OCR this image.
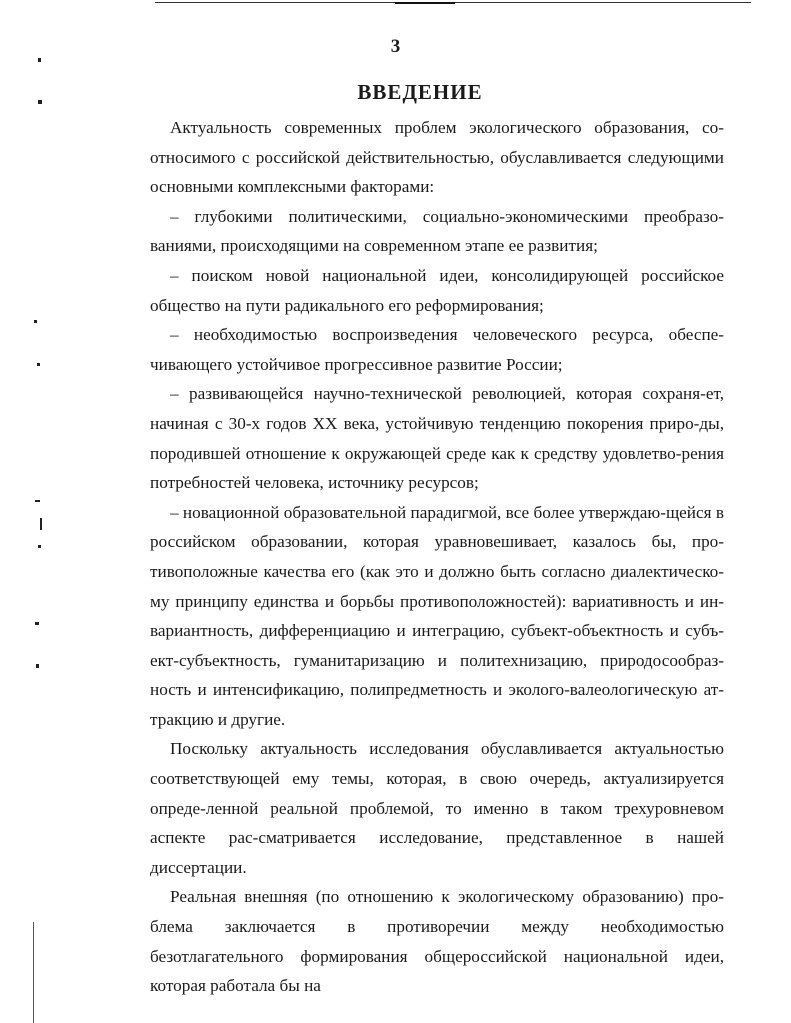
3
ВВЕДЕНИЕ

Актуальность современных проблем экологического образования, со-относимого с российской действительностью, обуславливается следующими основными комплексными факторами:

– глубокими политическими, социально-экономическими преобразо-ваниями, происходящими на современном этапе ее развития;

– поиском новой национальной идеи, консолидирующей российское общество на пути радикального его реформирования;

– необходимостью воспроизведения человеческого ресурса, обеспе-чивающего устойчивое прогрессивное развитие России;

– развивающейся научно-технической революцией, которая сохраня-ет, начиная с 30-х годов XX века, устойчивую тенденцию покорения приро-ды, породившей отношение к окружающей среде как к средству удовлетво-рения потребностей человека, источнику ресурсов;

– новационной образовательной парадигмой, все более утверждаю-щейся в российском образовании, которая уравновешивает, казалось бы, про-тивоположные качества его (как это и должно быть согласно диалектическо-му принципу единства и борьбы противоположностей): вариативность и ин-вариантность, дифференциацию и интеграцию, субъект-объектность и субъ-ект-субъектность, гуманитаризацию и политехнизацию, природосообраз-ность и интенсификацию, полипредметность и эколого-валеологическую ат-тракцию и другие.

Поскольку актуальность исследования обуславливается актуальностью соответствующей ему темы, которая, в свою очередь, актуализируется опреде-ленной реальной проблемой, то именно в таком трехуровневом аспекте рас-сматривается исследование, представленное в нашей диссертации.

Реальная внешняя (по отношению к экологическому образованию) про-блема заключается в противоречии между необходимостью безотлагательного формирования общероссийской национальной идеи, которая работала бы на
